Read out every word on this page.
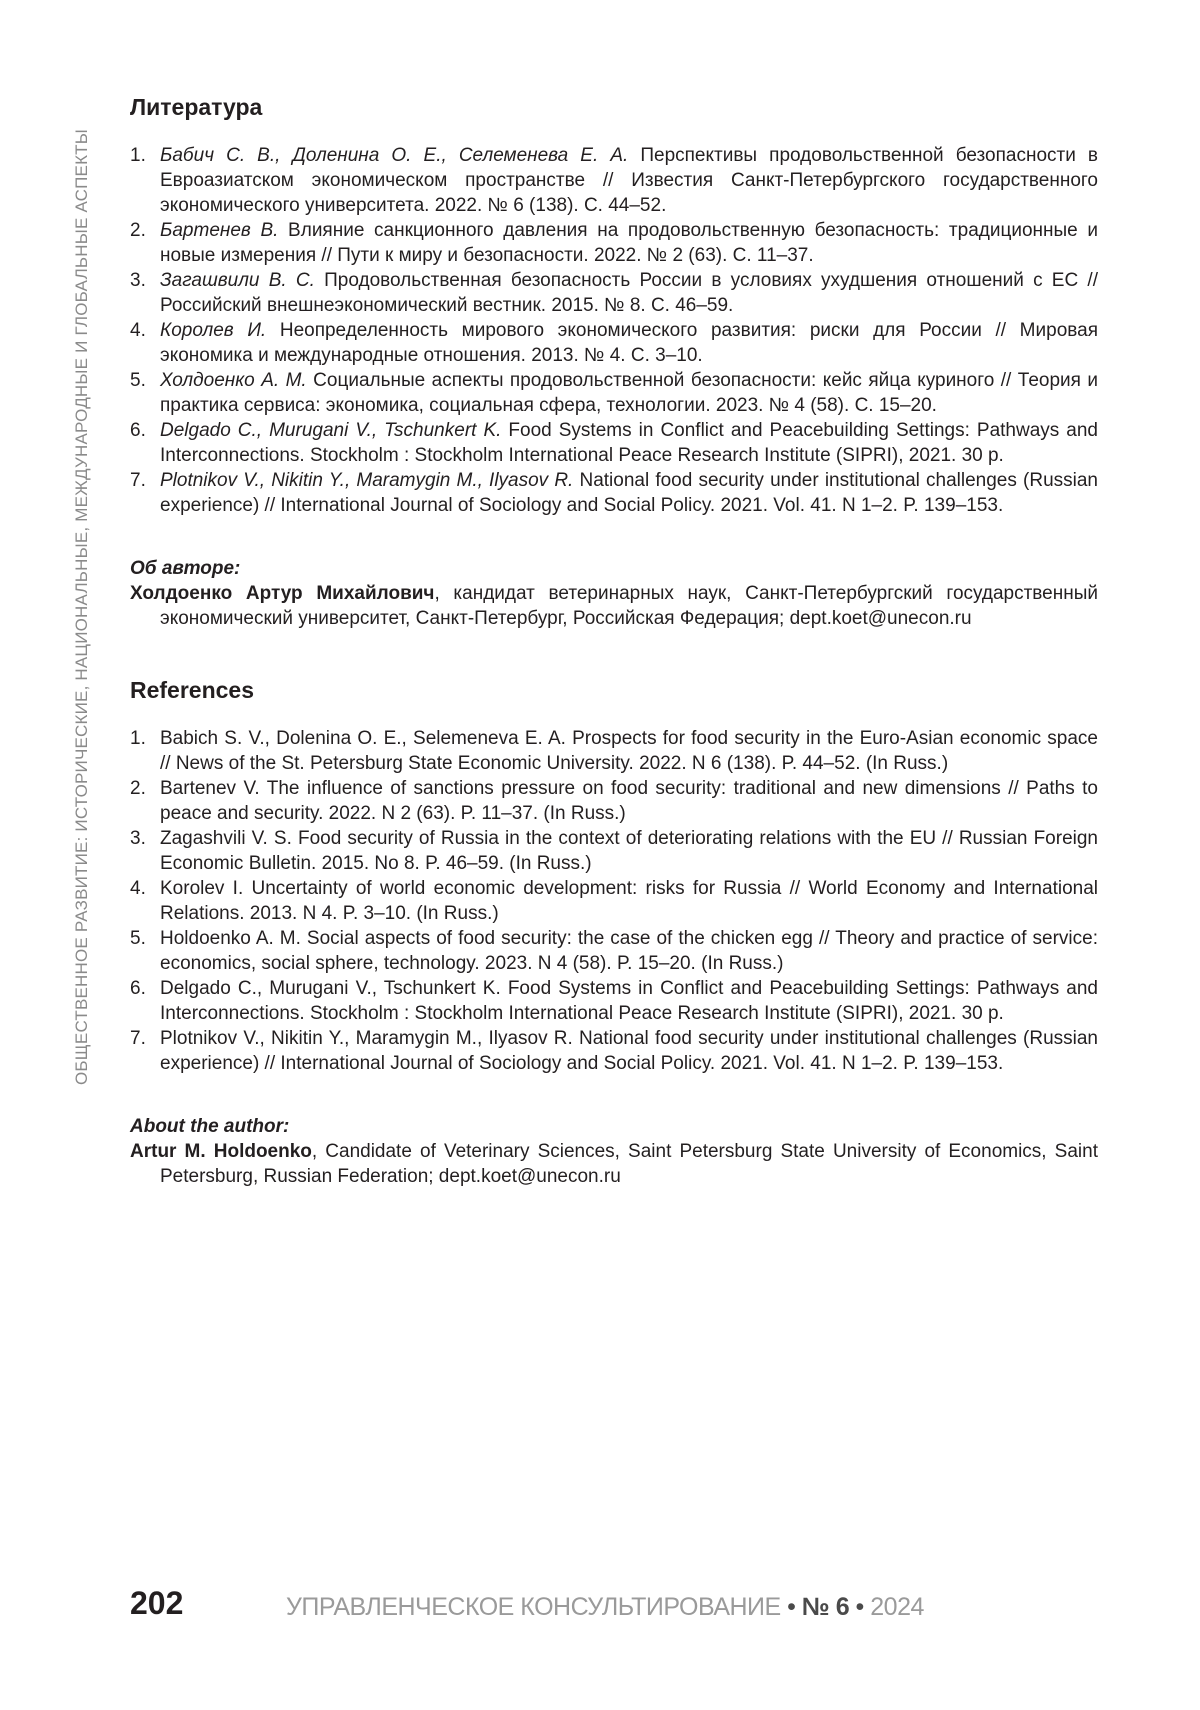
ОБЩЕСТВЕННОЕ РАЗВИТИЕ: ИСТОРИЧЕСКИЕ, НАЦИОНАЛЬНЫЕ, МЕЖДУНАРОДНЫЕ И ГЛОБАЛЬНЫЕ АСПЕКТЫ
Литература
1. Бабич С. В., Доленина О. Е., Селеменева Е. А. Перспективы продовольственной безопасности в Евроазиатском экономическом пространстве // Известия Санкт-Петербургского государственного экономического университета. 2022. № 6 (138). С. 44–52.
2. Бартенев В. Влияние санкционного давления на продовольственную безопасность: традиционные и новые измерения // Пути к миру и безопасности. 2022. № 2 (63). С. 11–37.
3. Загашвили В. С. Продовольственная безопасность России в условиях ухудшения отношений с ЕС // Российский внешнеэкономический вестник. 2015. № 8. С. 46–59.
4. Королев И. Неопределенность мирового экономического развития: риски для России // Мировая экономика и международные отношения. 2013. № 4. С. 3–10.
5. Холдоенко А. М. Социальные аспекты продовольственной безопасности: кейс яйца куриного // Теория и практика сервиса: экономика, социальная сфера, технологии. 2023. № 4 (58). С. 15–20.
6. Delgado C., Murugani V., Tschunkert K. Food Systems in Conflict and Peacebuilding Settings: Pathways and Interconnections. Stockholm : Stockholm International Peace Research Institute (SIPRI), 2021. 30 p.
7. Plotnikov V., Nikitin Y., Maramygin M., Ilyasov R. National food security under institutional challenges (Russian experience) // International Journal of Sociology and Social Policy. 2021. Vol. 41. N 1–2. P. 139–153.
Об авторе:
Холдоенко Артур Михайлович, кандидат ветеринарных наук, Санкт-Петербургский государственный экономический университет, Санкт-Петербург, Российская Федерация; dept.koet@unecon.ru
References
1. Babich S. V., Dolenina O. E., Selemeneva E. A. Prospects for food security in the Euro-Asian economic space // News of the St. Petersburg State Economic University. 2022. N 6 (138). P. 44–52. (In Russ.)
2. Bartenev V. The influence of sanctions pressure on food security: traditional and new dimensions // Paths to peace and security. 2022. N 2 (63). P. 11–37. (In Russ.)
3. Zagashvili V. S. Food security of Russia in the context of deteriorating relations with the EU // Russian Foreign Economic Bulletin. 2015. No 8. P. 46–59. (In Russ.)
4. Korolev I. Uncertainty of world economic development: risks for Russia // World Economy and International Relations. 2013. N 4. P. 3–10. (In Russ.)
5. Holdoenko A. M. Social aspects of food security: the case of the chicken egg // Theory and practice of service: economics, social sphere, technology. 2023. N 4 (58). P. 15–20. (In Russ.)
6. Delgado C., Murugani V., Tschunkert K. Food Systems in Conflict and Peacebuilding Settings: Pathways and Interconnections. Stockholm : Stockholm International Peace Research Institute (SIPRI), 2021. 30 p.
7. Plotnikov V., Nikitin Y., Maramygin M., Ilyasov R. National food security under institutional challenges (Russian experience) // International Journal of Sociology and Social Policy. 2021. Vol. 41. N 1–2. P. 139–153.
About the author:
Artur M. Holdoenko, Candidate of Veterinary Sciences, Saint Petersburg State University of Economics, Saint Petersburg, Russian Federation; dept.koet@unecon.ru
202	УПРАВЛЕНЧЕСКОЕ КОНСУЛЬТИРОВАНИЕ • № 6 • 2024
